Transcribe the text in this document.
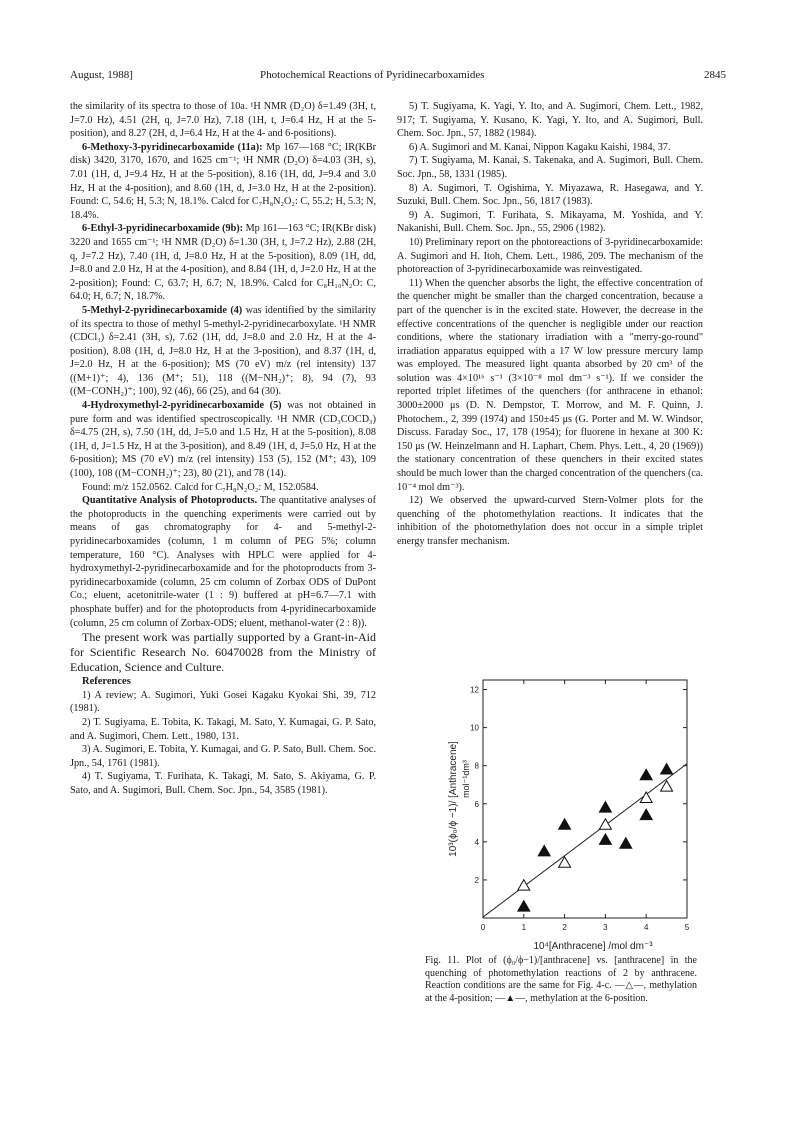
August, 1988]	Photochemical Reactions of Pyridinecarboxamides	2845

the similarity of its spectra to those of 10a. ¹H NMR (D₂O) δ=1.49 (3H, t, J=7.0 Hz), 4.51 (2H, q, J=7.0 Hz), 7.18 (1H, t, J=6.4 Hz, H at the 5-position), and 8.27 (2H, d, J=6.4 Hz, H at the 4- and 6-positions).

6-Methoxy-3-pyridinecarboxamide (11a): Mp 167—168 °C; IR(KBr disk) 3420, 3170, 1670, and 1625 cm⁻¹; ¹H NMR (D₂O) δ=4.03 (3H, s), 7.01 (1H, d, J=9.4 Hz, H at the 5-position), 8.16 (1H, dd, J=9.4 and 3.0 Hz, H at the 4-position), and 8.60 (1H, d, J=3.0 Hz, H at the 2-position). Found: C, 54.6; H, 5.3; N, 18.1%. Calcd for C₇H₈N₂O₂: C, 55.2; H, 5.3; N, 18.4%.

6-Ethyl-3-pyridinecarboxamide (9b): Mp 161—163 °C; IR(KBr disk) 3220 and 1655 cm⁻¹; ¹H NMR (D₂O) δ=1.30 (3H, t, J=7.2 Hz), 2.88 (2H, q, J=7.2 Hz), 7.40 (1H, d, J=8.0 Hz, H at the 5-position), 8.09 (1H, dd, J=8.0 and 2.0 Hz, H at the 4-position), and 8.84 (1H, d, J=2.0 Hz, H at the 2-position); Found: C, 63.7; H, 6.7; N, 18.9%. Calcd for C₈H₁₀N₂O: C, 64.0; H, 6.7; N, 18.7%.

5-Methyl-2-pyridinecarboxamide (4) was identified by the similarity of its spectra to those of methyl 5-methyl-2-pyridinecarboxylate. ¹H NMR (CDCl₃) δ=2.41 (3H, s), 7.62 (1H, dd, J=8.0 and 2.0 Hz, H at the 4-position), 8.08 (1H, d, J=8.0 Hz, H at the 3-position), and 8.37 (1H, d, J=2.0 Hz, H at the 6-position); MS (70 eV) m/z (rel intensity) 137 ((M+1)⁺; 4), 136 (M⁺; 51), 118 ((M−NH₂)⁺; 8), 94 (7), 93 ((M−CONH₂)⁺; 100), 92 (46), 66 (25), and 64 (30).

4-Hydroxymethyl-2-pyridinecarboxamide (5) was not obtained in pure form and was identified spectroscopically. ¹H NMR (CD₃COCD₃) δ=4.75 (2H, s), 7.50 (1H, dd, J=5.0 and 1.5 Hz, H at the 5-position), 8.08 (1H, d, J=1.5 Hz, H at the 3-position), and 8.49 (1H, d, J=5.0 Hz, H at the 6-position); MS (70 eV) m/z (rel intensity) 153 (5), 152 (M⁺; 43), 109 (100), 108 ((M−CONH₂)⁺; 23), 80 (21), and 78 (14).

Found: m/z 152.0562. Calcd for C₇H₈N₂O₂: M, 152.0584.

Quantitative Analysis of Photoproducts. The quantitative analyses of the photoproducts in the quenching experiments were carried out by means of gas chromatography for 4- and 5-methyl-2-pyridinecarboxamides (column, 1 m column of PEG 5%; column temperature, 160 °C). Analyses with HPLC were applied for 4-hydroxymethyl-2-pyridinecarboxamide and for the photoproducts from 3-pyridinecarboxamide (column, 25 cm column of Zorbax ODS of DuPont Co.; eluent, acetonitrile-water (1 : 9) buffered at pH=6.7—7.1 with phosphate buffer) and for the photoproducts from 4-pyridinecarboxamide (column, 25 cm column of Zorbax-ODS; eluent, methanol-water (2 : 8)).

The present work was partially supported by a Grant-in-Aid for Scientific Research No. 60470028 from the Ministry of Education, Science and Culture.

References

1) A review; A. Sugimori, Yuki Gosei Kagaku Kyokai Shi, 39, 712 (1981).

2) T. Sugiyama, E. Tobita, K. Takagi, M. Sato, Y. Kumagai, G. P. Sato, and A. Sugimori, Chem. Lett., 1980, 131.

3) A. Sugimori, E. Tobita, Y. Kumagai, and G. P. Sato, Bull. Chem. Soc. Jpn., 54, 1761 (1981).

4) T. Sugiyama, T. Furihata, K. Takagi, M. Sato, S. Akiyama, G. P. Sato, and A. Sugimori, Bull. Chem. Soc. Jpn., 54, 3585 (1981).

5) T. Sugiyama, K. Yagi, Y. Ito, and A. Sugimori, Chem. Lett., 1982, 917; T. Sugiyama, Y. Kusano, K. Yagi, Y. Ito, and A. Sugimori, Bull. Chem. Soc. Jpn., 57, 1882 (1984).

6) A. Sugimori and M. Kanai, Nippon Kagaku Kaishi, 1984, 37.

7) T. Sugiyama, M. Kanai, S. Takenaka, and A. Sugimori, Bull. Chem. Soc. Jpn., 58, 1331 (1985).

8) A. Sugimori, T. Ogishima, Y. Miyazawa, R. Hasegawa, and Y. Suzuki, Bull. Chem. Soc. Jpn., 56, 1817 (1983).

9) A. Sugimori, T. Furihata, S. Mikayama, M. Yoshida, and Y. Nakanishi, Bull. Chem. Soc. Jpn., 55, 2906 (1982).

10) Preliminary report on the photoreactions of 3-pyridinecarboxamide: A. Sugimori and H. Itoh, Chem. Lett., 1986, 209. The mechanism of the photoreaction of 3-pyridinecarboxamide was reinvestigated.

11) When the quencher absorbs the light, the effective concentration of the quencher might be smaller than the charged concentration, because a part of the quencher is in the excited state. However, the decrease in the effective concentrations of the quencher is negligible under our reaction conditions, where the stationary irradiation with a "merry-go-round" irradiation apparatus equipped with a 17 W low pressure mercury lamp was employed. The measured light quanta absorbed by 20 cm³ of the solution was 4×10¹⁶ s⁻¹ (3×10⁻⁸ mol dm⁻³ s⁻¹). If we consider the reported triplet lifetimes of the quenchers (for anthracene in ethanol: 3000±2000 μs (D. N. Dempstor, T. Morrow, and M. F. Quinn, J. Photochem., 2, 399 (1974) and 150±45 μs (G. Porter and M. W. Windsor, Discuss. Faraday Soc., 17, 178 (1954); for fluorene in hexane at 300 K: 150 μs (W. Heinzelmann and H. Laphart, Chem. Phys. Lett., 4, 20 (1969)) the stationary concentration of these quenchers in their excited states should be much lower than the charged concentration of the quenchers (ca. 10⁻⁴ mol dm⁻³).

12) We observed the upward-curved Stern-Volmer plots for the quenching of the photomethylation reactions. It indicates that the inhibition of the photomethylation does not occur in a simple triplet energy transfer mechanism.

0	1	2	3	4	5
2
4
6
8
10
12
10⁴[Anthracene] /mol dm⁻³
10³(ϕ₀/ϕ −1)/ [Anthracene] mol⁻¹dm³
Fig. 11. Plot of (ϕ₀/ϕ−1)/[anthracene] vs. [anthracene] in the quenching of photomethylation reactions of 2 by anthracene. Reaction conditions are the same for Fig. 4-c. —△—, methylation at the 4-position; —▲—, methylation at the 6-position.
